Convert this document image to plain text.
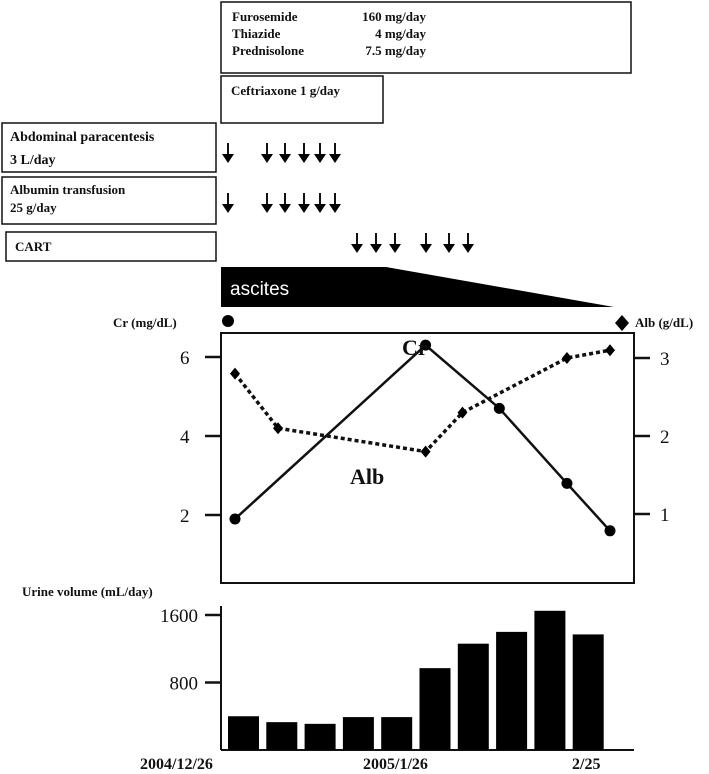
Furosemide	160 mg/day
Thiazide	4 mg/day
Prednisolone	7.5 mg/day
Ceftriaxone 1 g/day
Abdominal paracentesis
3 L/day
Albumin transfusion
25 g/day
CART
ascites
Cr (mg/dL)	Alb (g/dL)
2
4
6
1
2
3
Cr
Alb
Urine volume (mL/day)
800
1600
2004/12/26	2005/1/26	2/25
